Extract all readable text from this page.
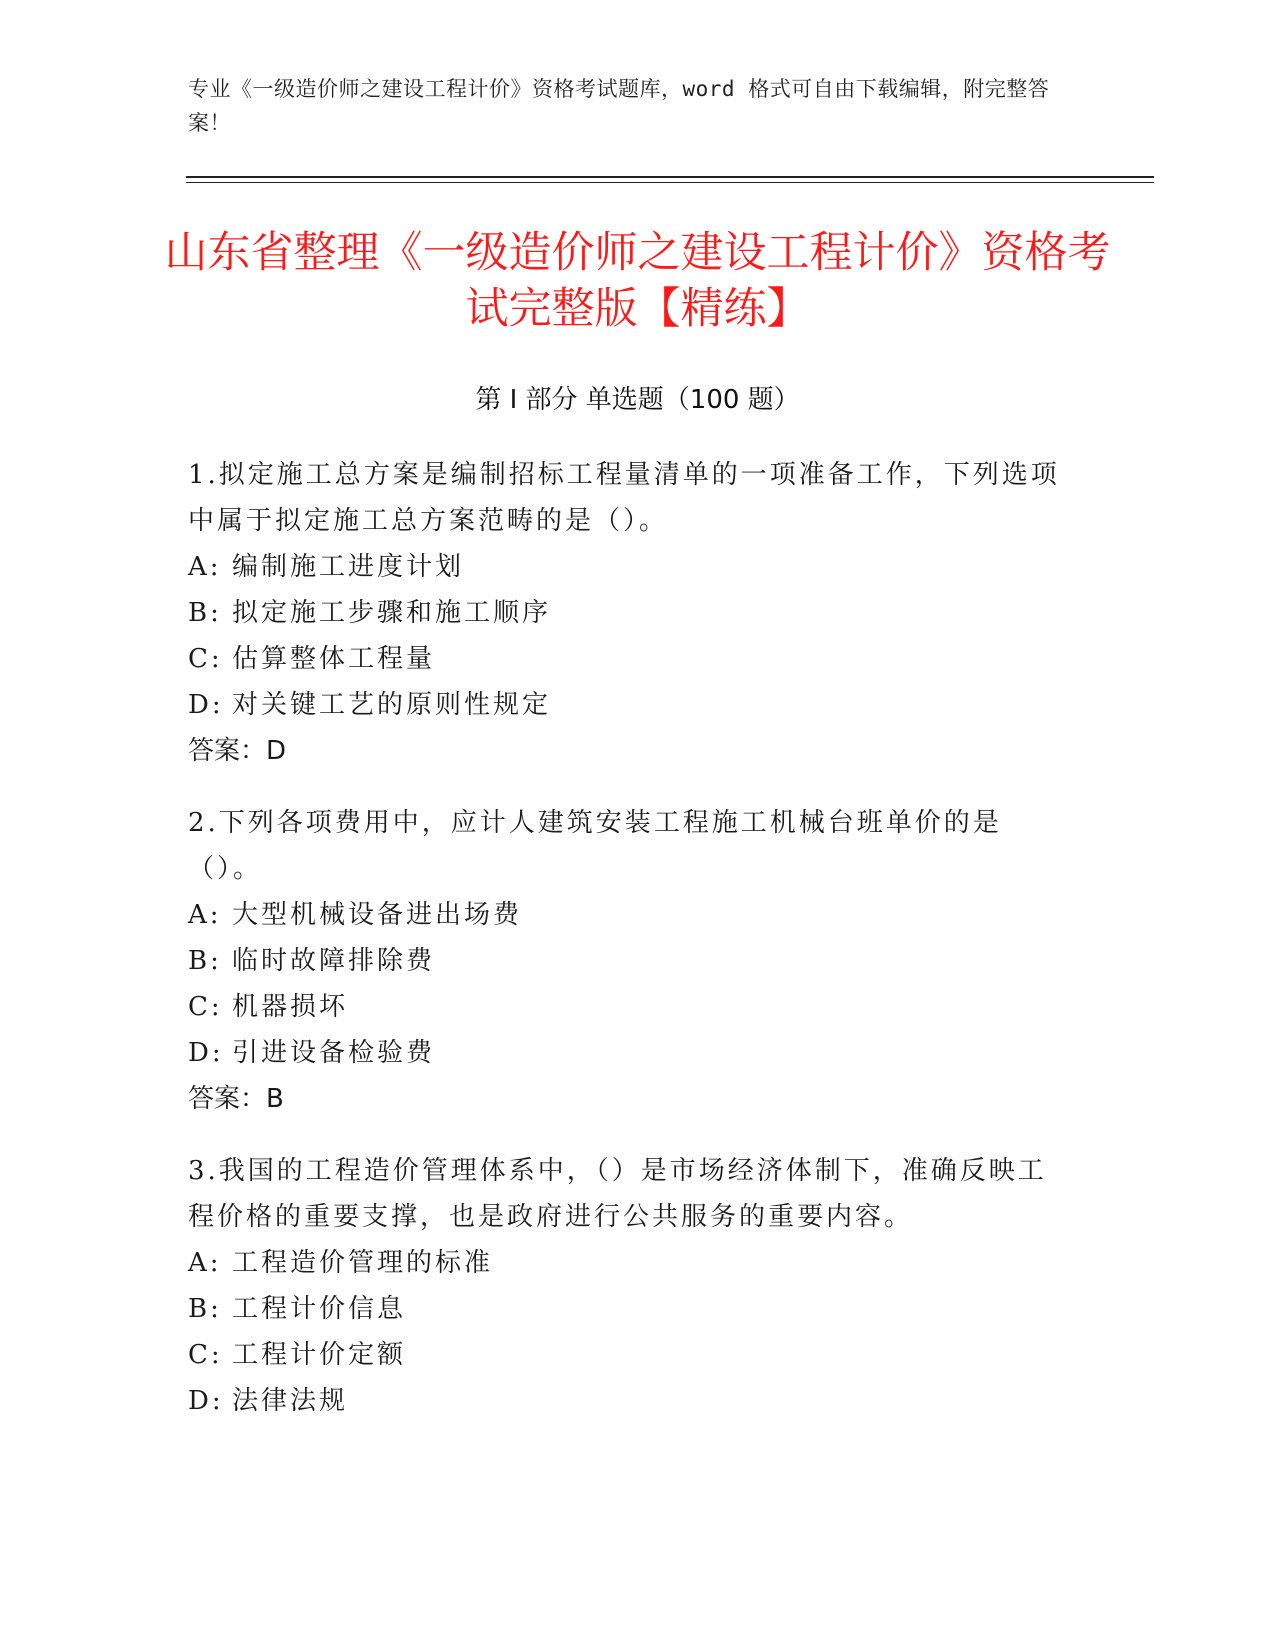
专业《一级造价师之建设工程计价》资格考试题库，word 格式可自由下载编辑，附完整答案！
山东省整理《一级造价师之建设工程计价》资格考试完整版【精练】
第 I 部分 单选题（100 题）

1.拟定施工总方案是编制招标工程量清单的一项准备工作，下列选项中属于拟定施工总方案范畴的是（）。

A: 编制施工进度计划

B: 拟定施工步骤和施工顺序

C: 估算整体工程量

D: 对关键工艺的原则性规定

答案：D

2.下列各项费用中，应计人建筑安装工程施工机械台班单价的是（）。

A: 大型机械设备进出场费

B: 临时故障排除费

C: 机器损坏

D: 引进设备检验费

答案：B

3.我国的工程造价管理体系中，（）是市场经济体制下，准确反映工程价格的重要支撑，也是政府进行公共服务的重要内容。

A: 工程造价管理的标准

B: 工程计价信息

C: 工程计价定额

D: 法律法规
